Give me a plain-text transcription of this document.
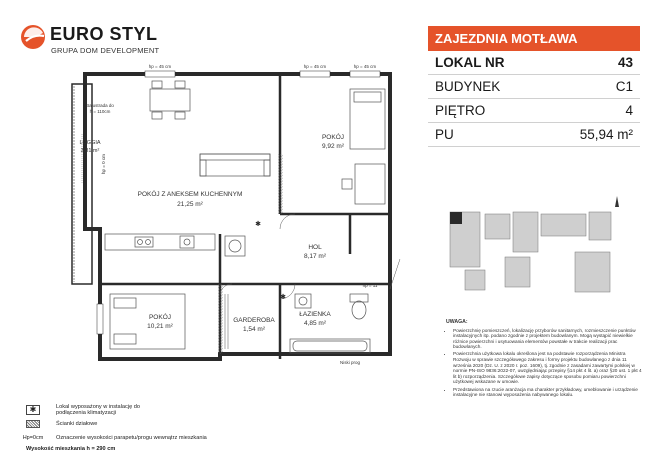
EURO STYL
GRUPA DOM DEVELOPMENT
✱
✱
LOGGIA
3,81 m²
POKÓJ Z ANEKSEM KUCHENNYM
21,25 m²
POKÓJ
9,92 m²
HOL
8,17 m²
POKÓJ
10,21 m²
GARDEROBA
1,54 m²
ŁAZIENKA
4,85 m²
hp = 45 cm	hp = 45 cm	hp = 45 cm
Balustrada do
h = 110cm
hp = 0 cm
hp = 11
Niski prog
ZAJEZDNIA MOTŁAWA
LOKAL NR	43
BUDYNEK	C1
PIĘTRO	4
PU	55,94 m²
UWAGA:
• Powierzchnię pomieszczeń, lokalizację przyborów sanitarnych, rozmieszczenie punktów instalacyjnych itp. podano zgodnie z projektem budowlanym. Mogą wystąpić niewielkie różnice powierzchni i usytuowania elementów powstałe w trakcie realizacji prac budowlanych.
• Powierzchnia użytkowa lokalu określona jest na podstawie rozporządzenia Ministra Rozwoju w sprawie szczegółowego zakresu i formy projektu budowlanego z dnia 11 września 2020 (Dz. U. z 2020 r. poz. 1609), tj. zgodnie z zasadami zawartymi polskiej w normie PN-ISO 9836:2022-07, uwzględniając przepisy §14 pkt 4 lit. a) oraz §20 ust. 1 pkt 4 lit b) rozporządzenia. Szczegółowe zapisy dotyczące sposobu pomiaru powierzchni użytkowej wskazane w umowie.
• Przedstawiona na rzucie aranżacja ma charakter przykładowy, umeblowanie i urządzenie instalacyjne nie stanowi wyposażenia nabywanego lokalu.
✱	Lokal wyposażony w instalację do podłączenia klimatyzacji
Ścianki działowe
Hp=0cm Oznaczenie wysokości parapetu/progu wewnątrz mieszkania
Wysokość mieszkania h = 290 cm
